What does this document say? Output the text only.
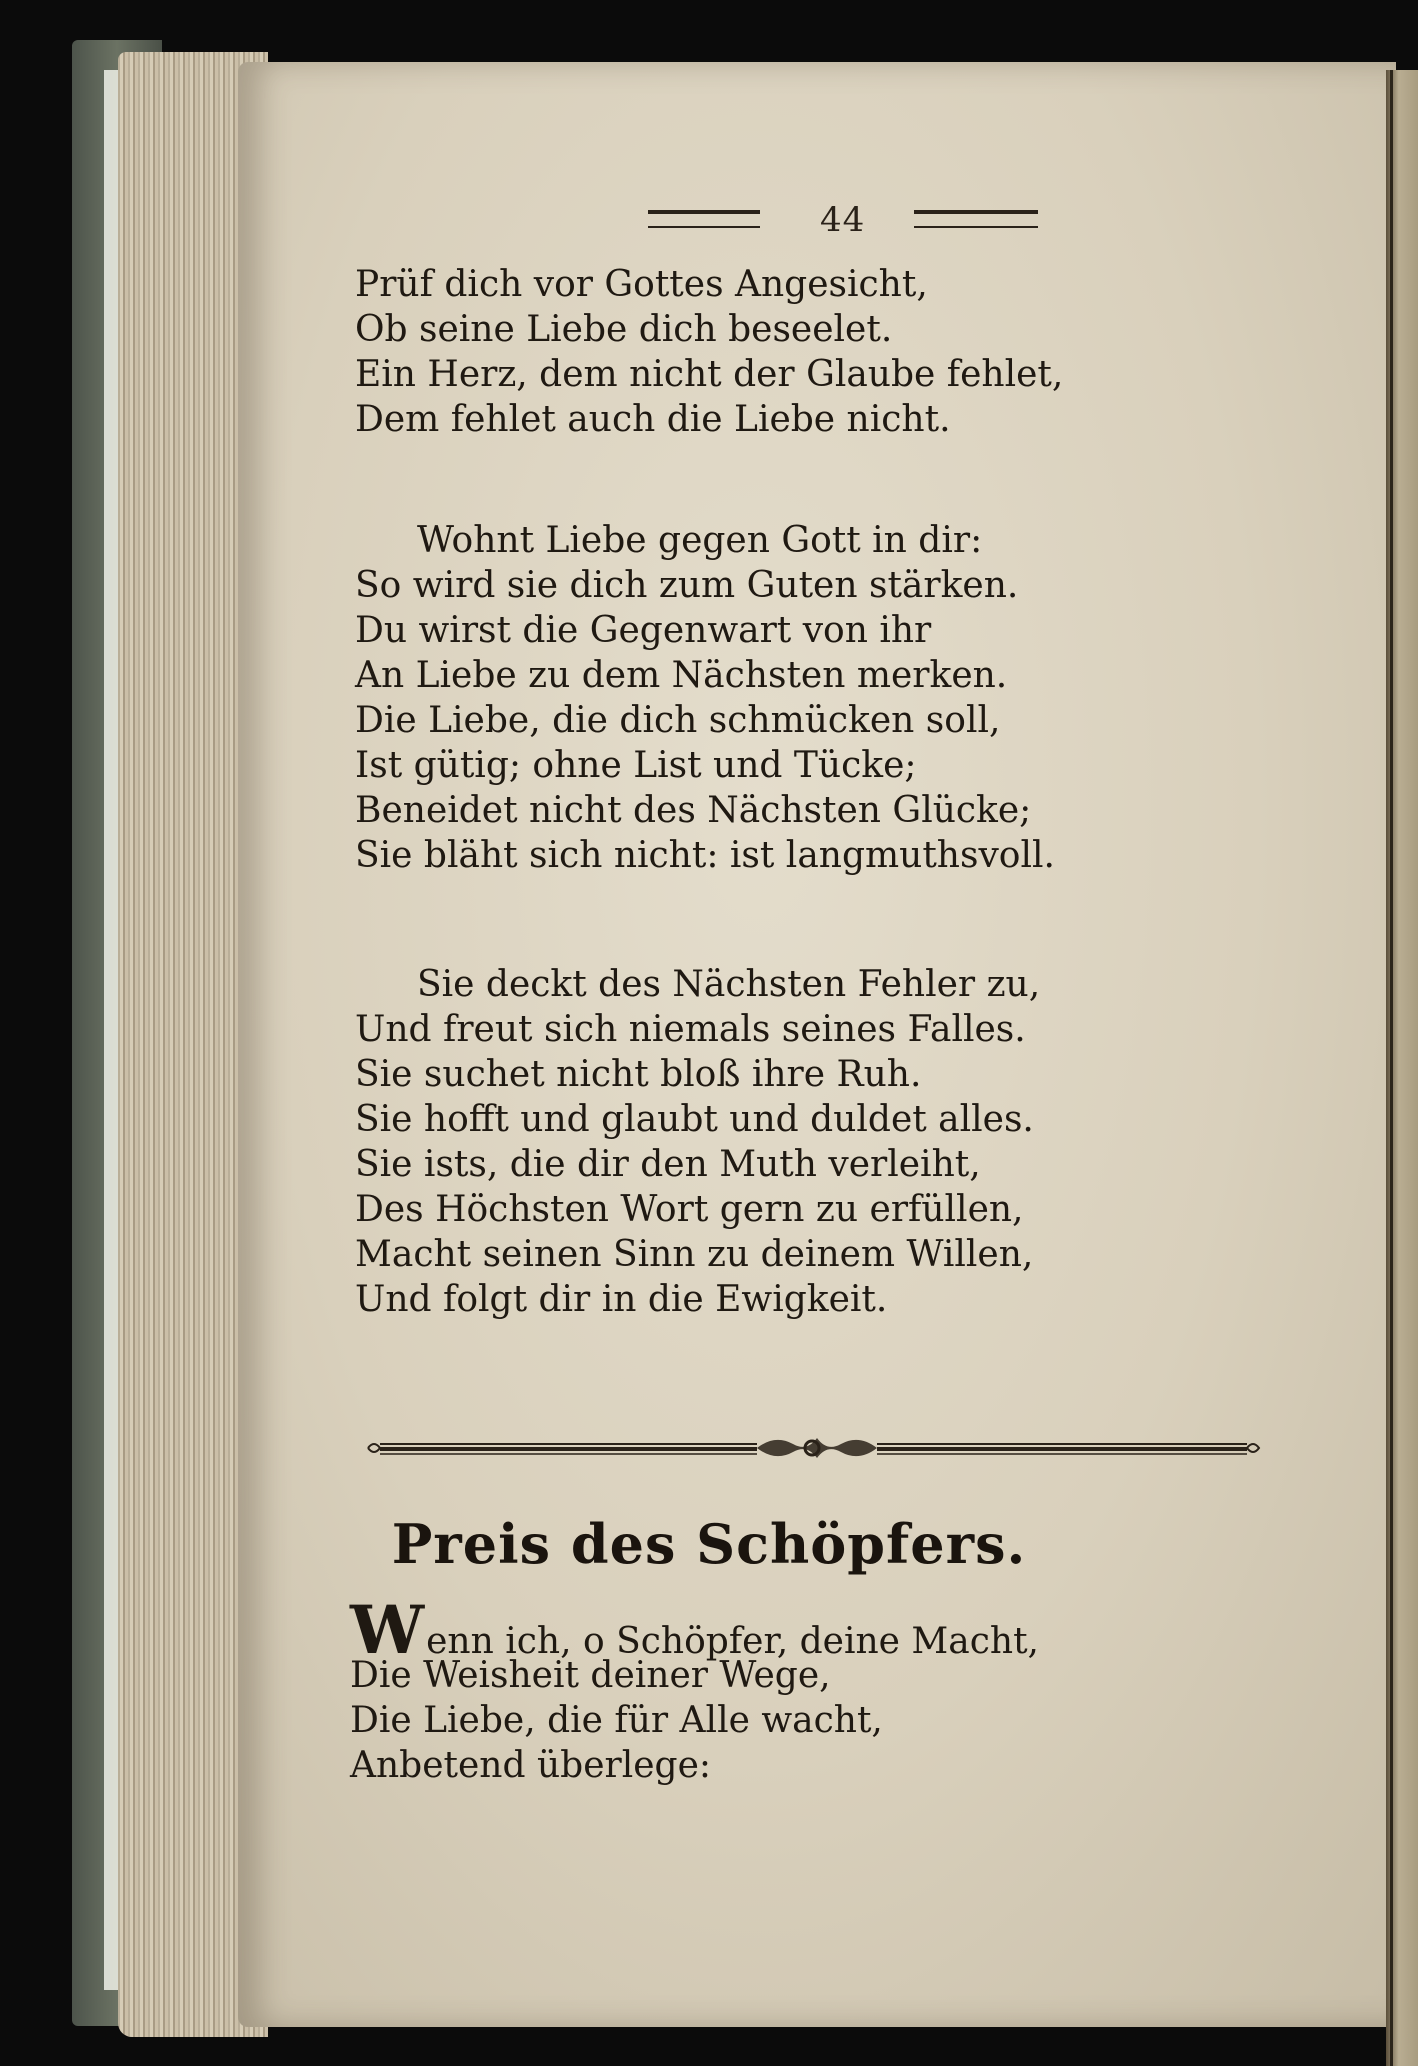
44
Prüf dich vor Gottes Angesicht,
Ob seine Liebe dich beseelet.
Ein Herz, dem nicht der Glaube fehlet,
Dem fehlet auch die Liebe nicht.
Wohnt Liebe gegen Gott in dir:
So wird sie dich zum Guten stärken.
Du wirst die Gegenwart von ihr
An Liebe zu dem Nächsten merken.
Die Liebe, die dich schmücken soll,
Ist gütig; ohne List und Tücke;
Beneidet nicht des Nächsten Glücke;
Sie bläht sich nicht: ist langmuthsvoll.
Sie deckt des Nächsten Fehler zu,
Und freut sich niemals seines Falles.
Sie suchet nicht bloß ihre Ruh.
Sie hofft und glaubt und duldet alles.
Sie ists, die dir den Muth verleiht,
Des Höchsten Wort gern zu erfüllen,
Macht seinen Sinn zu deinem Willen,
Und folgt dir in die Ewigkeit.
Preis des Schöpfers.
Wenn ich, o Schöpfer, deine Macht,
Die Weisheit deiner Wege,
Die Liebe, die für Alle wacht,
Anbetend überlege:
